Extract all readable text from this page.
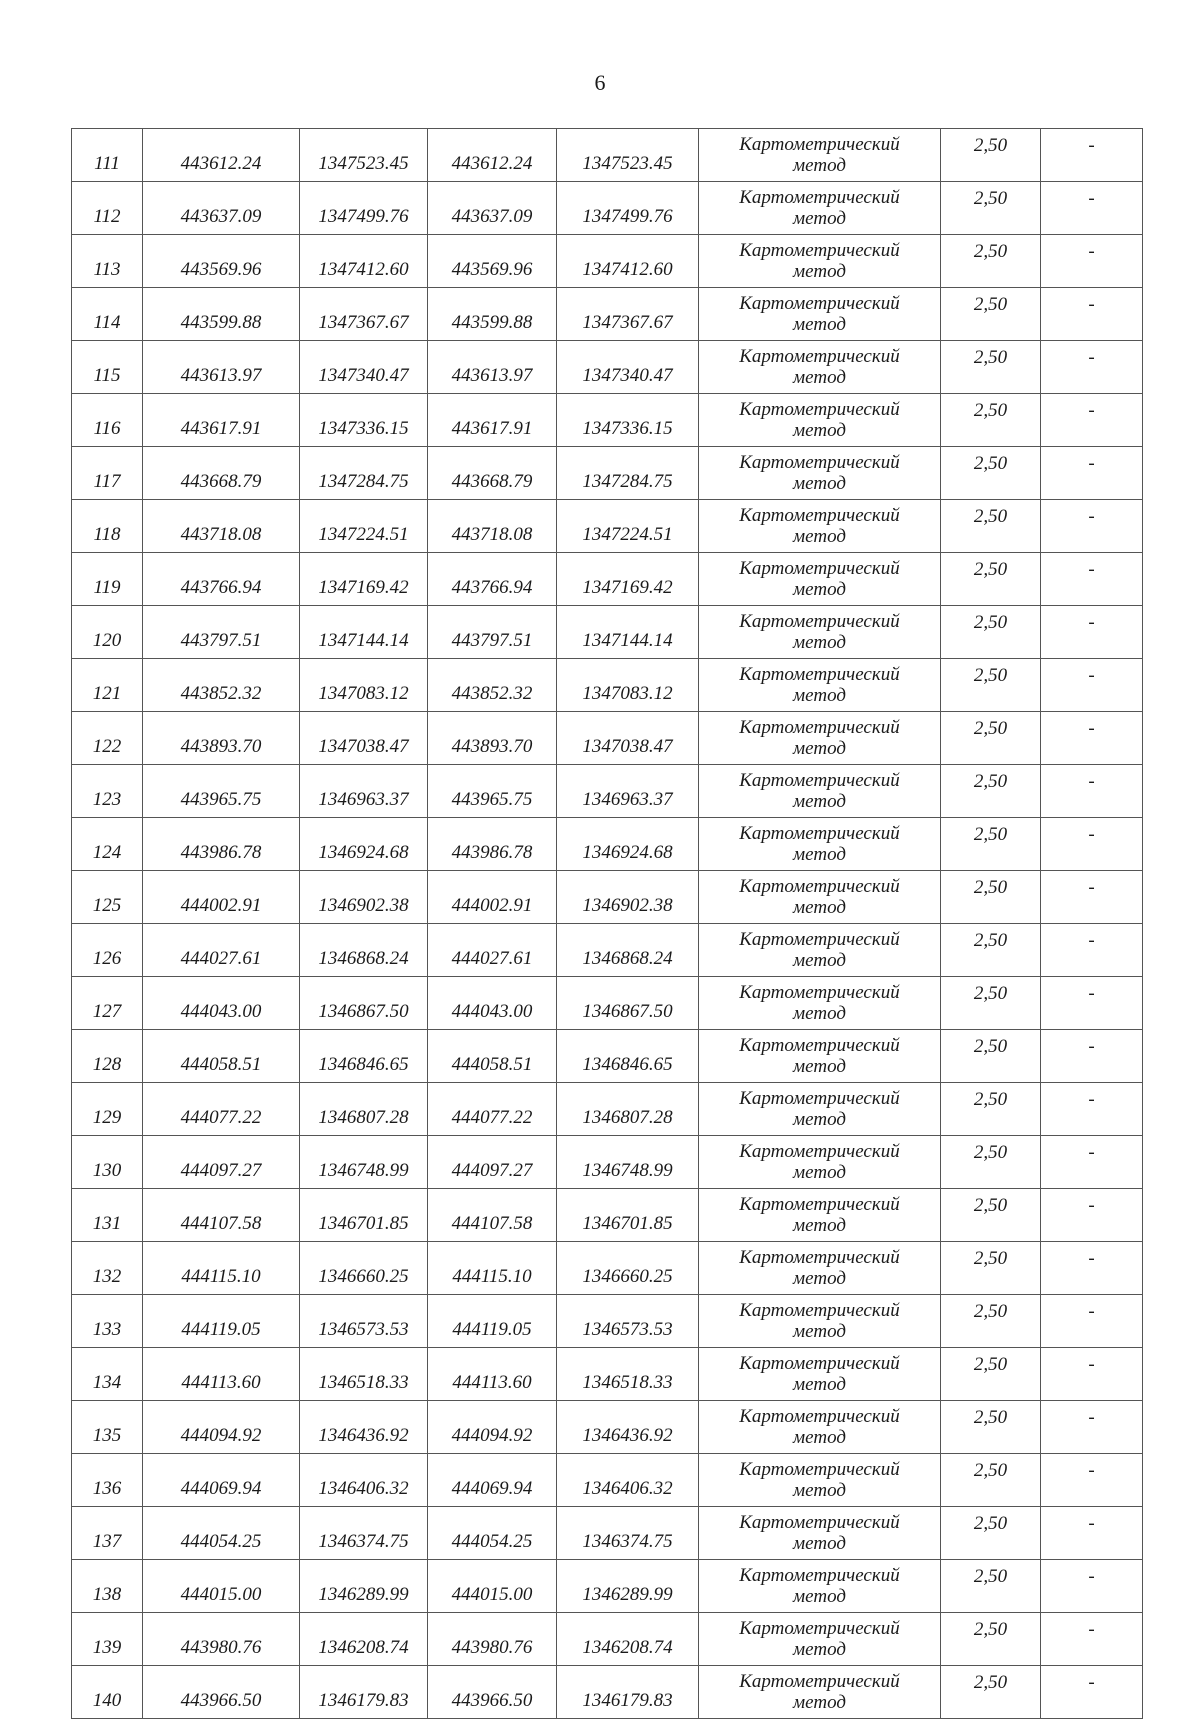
6
111	443612.24	1347523.45	443612.24	1347523.45	Картометрический
метод	2,50	-
112	443637.09	1347499.76	443637.09	1347499.76	Картометрический
метод	2,50	-
113	443569.96	1347412.60	443569.96	1347412.60	Картометрический
метод	2,50	-
114	443599.88	1347367.67	443599.88	1347367.67	Картометрический
метод	2,50	-
115	443613.97	1347340.47	443613.97	1347340.47	Картометрический
метод	2,50	-
116	443617.91	1347336.15	443617.91	1347336.15	Картометрический
метод	2,50	-
117	443668.79	1347284.75	443668.79	1347284.75	Картометрический
метод	2,50	-
118	443718.08	1347224.51	443718.08	1347224.51	Картометрический
метод	2,50	-
119	443766.94	1347169.42	443766.94	1347169.42	Картометрический
метод	2,50	-
120	443797.51	1347144.14	443797.51	1347144.14	Картометрический
метод	2,50	-
121	443852.32	1347083.12	443852.32	1347083.12	Картометрический
метод	2,50	-
122	443893.70	1347038.47	443893.70	1347038.47	Картометрический
метод	2,50	-
123	443965.75	1346963.37	443965.75	1346963.37	Картометрический
метод	2,50	-
124	443986.78	1346924.68	443986.78	1346924.68	Картометрический
метод	2,50	-
125	444002.91	1346902.38	444002.91	1346902.38	Картометрический
метод	2,50	-
126	444027.61	1346868.24	444027.61	1346868.24	Картометрический
метод	2,50	-
127	444043.00	1346867.50	444043.00	1346867.50	Картометрический
метод	2,50	-
128	444058.51	1346846.65	444058.51	1346846.65	Картометрический
метод	2,50	-
129	444077.22	1346807.28	444077.22	1346807.28	Картометрический
метод	2,50	-
130	444097.27	1346748.99	444097.27	1346748.99	Картометрический
метод	2,50	-
131	444107.58	1346701.85	444107.58	1346701.85	Картометрический
метод	2,50	-
132	444115.10	1346660.25	444115.10	1346660.25	Картометрический
метод	2,50	-
133	444119.05	1346573.53	444119.05	1346573.53	Картометрический
метод	2,50	-
134	444113.60	1346518.33	444113.60	1346518.33	Картометрический
метод	2,50	-
135	444094.92	1346436.92	444094.92	1346436.92	Картометрический
метод	2,50	-
136	444069.94	1346406.32	444069.94	1346406.32	Картометрический
метод	2,50	-
137	444054.25	1346374.75	444054.25	1346374.75	Картометрический
метод	2,50	-
138	444015.00	1346289.99	444015.00	1346289.99	Картометрический
метод	2,50	-
139	443980.76	1346208.74	443980.76	1346208.74	Картометрический
метод	2,50	-
140	443966.50	1346179.83	443966.50	1346179.83	Картометрический
метод	2,50	-
